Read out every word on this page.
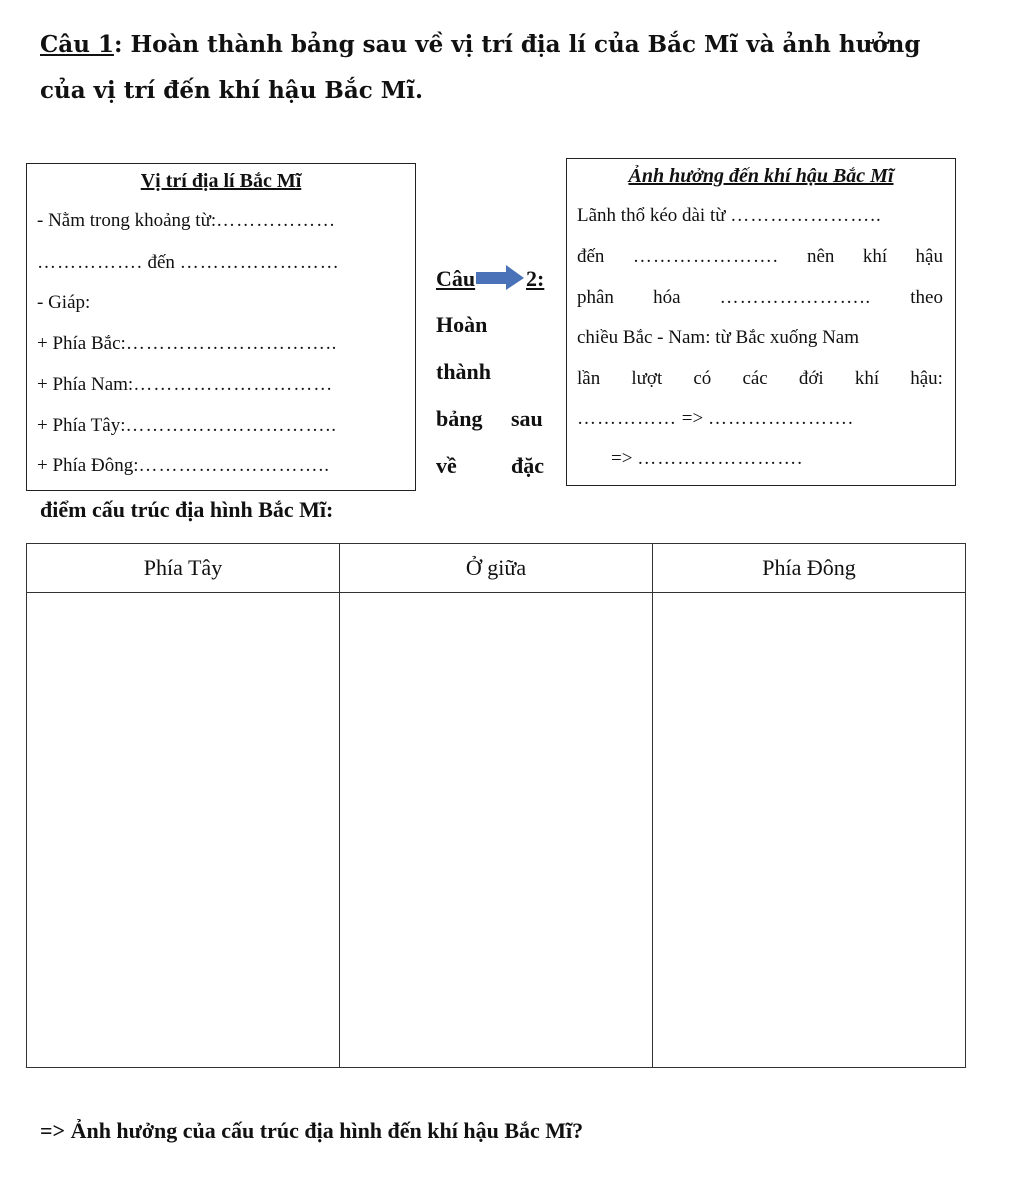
Câu 1: Hoàn thành bảng sau về vị trí địa lí của Bắc Mĩ và ảnh hưởng của vị trí đến khí hậu Bắc Mĩ.
Vị trí địa lí Bắc Mĩ
- Nằm trong khoảng từ:………………
……………. đến ……………………
- Giáp:
+ Phía Bắc:…………………………..
+ Phía Nam:…………………………
+ Phía Tây:…………………………..
+ Phía Đông:………………………..
Câu 2:
Hoàn
thành
bảng sau
về đặc
Ảnh hưởng đến khí hậu Bắc Mĩ
Lãnh thổ kéo dài từ …………………..
đến …………………. nên khí hậu
phân hóa ………………….. theo
chiều Bắc - Nam: từ Bắc xuống Nam
lần lượt có các đới khí hậu:
…………… => ………………….
=> …………………….
điểm cấu trúc địa hình Bắc Mĩ:
Phía Tây	Ở giữa	Phía Đông

=> Ảnh hưởng của cấu trúc địa hình đến khí hậu Bắc Mĩ?
